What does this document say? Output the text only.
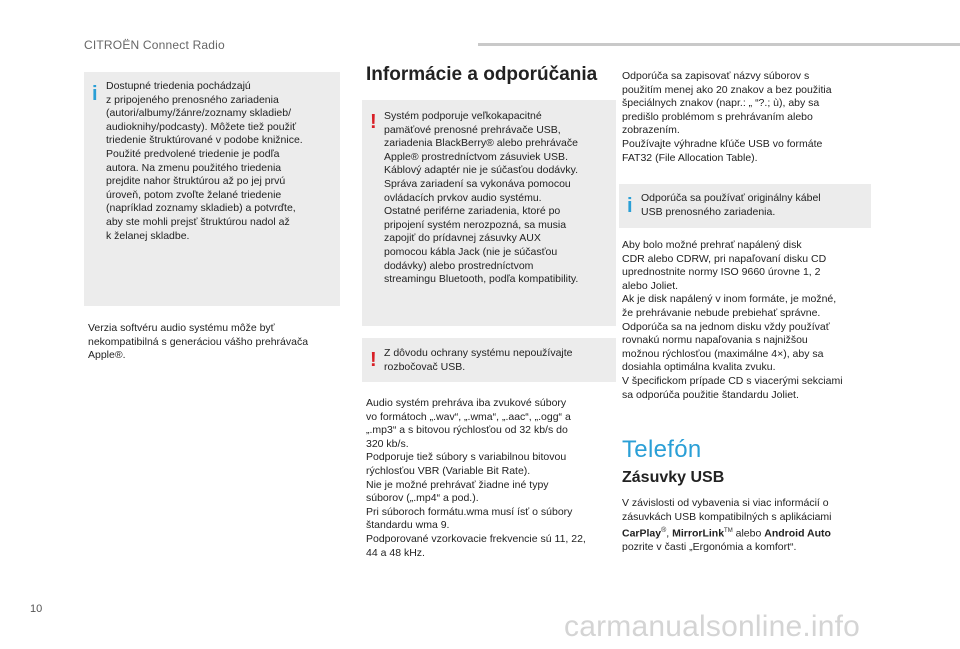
CITROËN Connect Radio
i Dostupné triedenia pochádzajú
z pripojeného prenosného zariadenia
(autori/albumy/žánre/zoznamy skladieb/
audioknihy/podcasty). Môžete tiež použiť
triedenie štruktúrované v podobe knižnice.
Použité predvolené triedenie je podľa
autora. Na zmenu použitého triedenia
prejdite nahor štruktúrou až po jej prvú
úroveň, potom zvoľte želané triedenie
(napríklad zoznamy skladieb) a potvrďte,
aby ste mohli prejsť štruktúrou nadol až
k želanej skladbe.

Verzia softvéru audio systému môže byť
nekompatibilná s generáciou vášho prehrávača
Apple®.
Informácie a odporúčania
! Systém podporuje veľkokapacitné
pamäťové prenosné prehrávače USB,
zariadenia BlackBerry® alebo prehrávače
Apple® prostredníctvom zásuviek USB.
Káblový adaptér nie je súčasťou dodávky.
Správa zariadení sa vykonáva pomocou
ovládacích prvkov audio systému.
Ostatné periférne zariadenia, ktoré po
pripojení systém nerozpozná, sa musia
zapojiť do prídavnej zásuvky AUX
pomocou kábla Jack (nie je súčasťou
dodávky) alebo prostredníctvom
streamingu Bluetooth, podľa kompatibility.

! Z dôvodu ochrany systému nepoužívajte
rozbočovač USB.

Audio systém prehráva iba zvukové súbory
vo formátoch „.wav“, „.wma“, „.aac“, „.ogg“ a
„.mp3“ a s bitovou rýchlosťou od 32 kb/s do
320 kb/s.
Podporuje tiež súbory s variabilnou bitovou
rýchlosťou VBR (Variable Bit Rate).
Nie je možné prehrávať žiadne iné typy
súborov („.mp4“ a pod.).
Pri súboroch formátu.wma musí ísť o súbory
štandardu wma 9.
Podporované vzorkovacie frekvencie sú 11, 22,
44 a 48 kHz.
Odporúča sa zapisovať názvy súborov s
použitím menej ako 20 znakov a bez použitia
špeciálnych znakov (napr.: „ “?.; ù), aby sa
predišlo problémom s prehrávaním alebo
zobrazením.
Používajte výhradne kľúče USB vo formáte
FAT32 (File Allocation Table).
i Odporúča sa používať originálny kábel
USB prenosného zariadenia.

Aby bolo možné prehrať napálený disk
CDR alebo CDRW, pri napaľovaní disku CD
uprednostnite normy ISO 9660 úrovne 1, 2
alebo Joliet.
Ak je disk napálený v inom formáte, je možné,
že prehrávanie nebude prebiehať správne.
Odporúča sa na jednom disku vždy používať
rovnakú normu napaľovania s najnižšou
možnou rýchlosťou (maximálne 4×), aby sa
dosiahla optimálna kvalita zvuku.
V špecifickom prípade CD s viacerými sekciami
sa odporúča použitie štandardu Joliet.
Telefón
Zásuvky USB
V závislosti od vybavenia si viac informácií o
zásuvkách USB kompatibilných s aplikáciami
CarPlay®, MirrorLink™ alebo Android Auto
pozrite v časti „Ergonómia a komfort“.
10
carmanualsonline.info
